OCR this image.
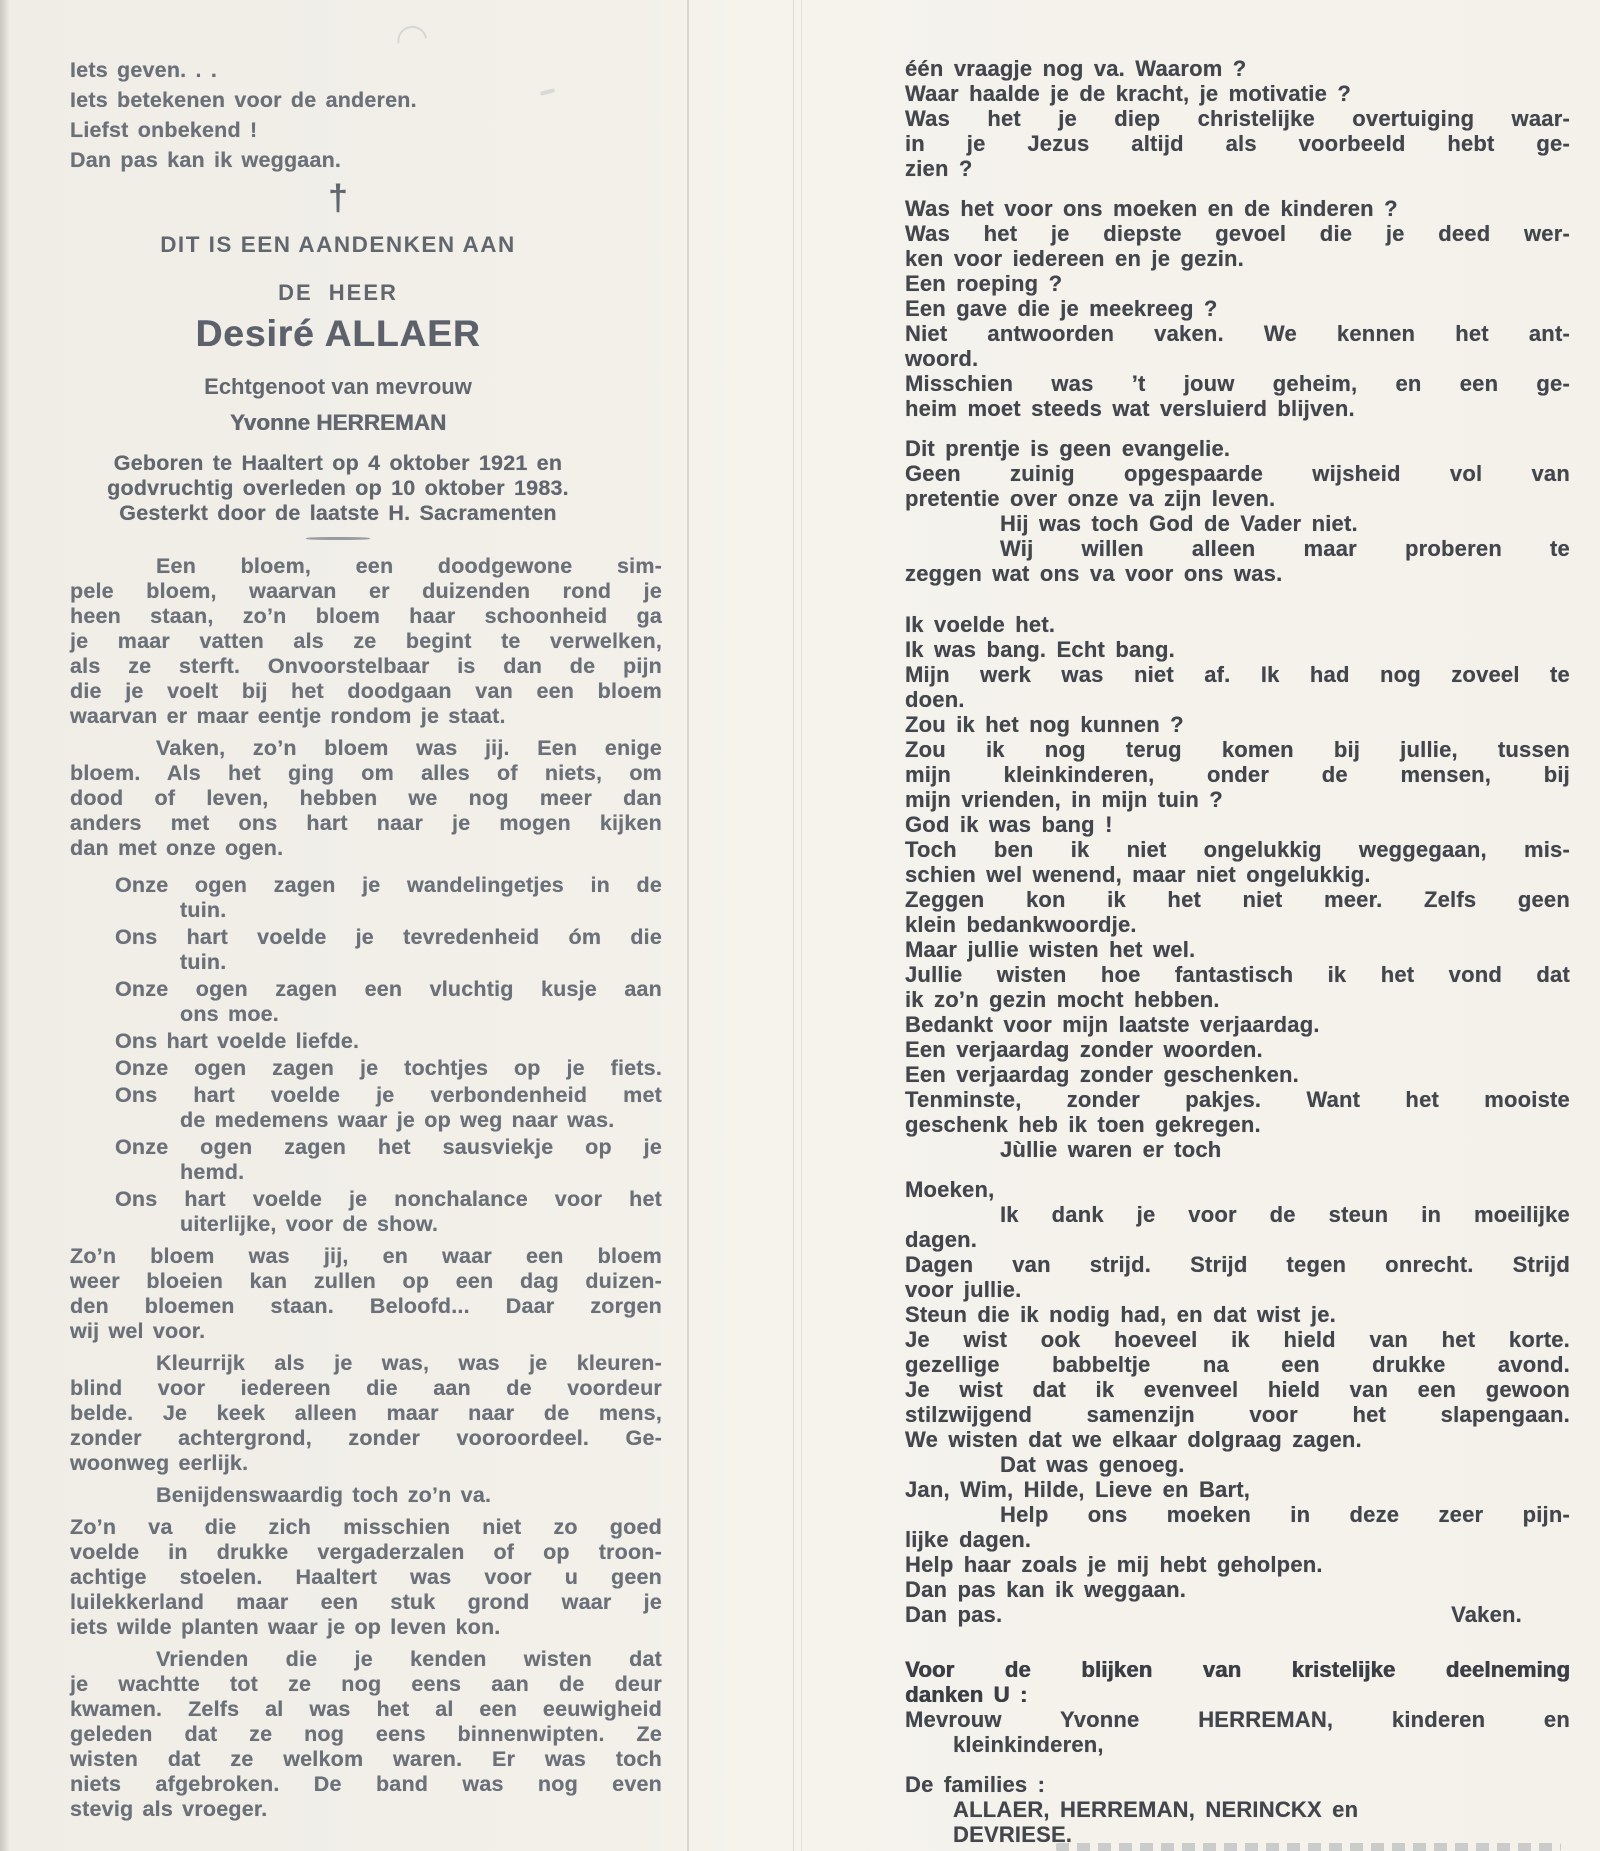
Iets geven. . .
Iets betekenen voor de anderen.
Liefst onbekend !
Dan pas kan ik weggaan.
†
DIT IS EEN AANDENKEN AAN
DE HEER
Desiré ALLAER
Echtgenoot van mevrouw
Yvonne HERREMAN
Geboren te Haaltert op 4 oktober 1921 en
godvruchtig overleden op 10 oktober 1983.
Gesterkt door de laatste H. Sacramenten
Een bloem, een doodgewone sim-
pele bloem, waarvan er duizenden rond je
heen staan, zo’n bloem haar schoonheid ga
je maar vatten als ze begint te verwelken,
als ze sterft. Onvoorstelbaar is dan de pijn
die je voelt bij het doodgaan van een bloem
waarvan er maar eentje rondom je staat.
Vaken, zo’n bloem was jij. Een enige
bloem. Als het ging om alles of niets, om
dood of leven, hebben we nog meer dan
anders met ons hart naar je mogen kijken
dan met onze ogen.
Onze ogen zagen je wandelingetjes in de
tuin.
Ons hart voelde je tevredenheid óm die
tuin.
Onze ogen zagen een vluchtig kusje aan
ons moe.
Ons hart voelde liefde.
Onze ogen zagen je tochtjes op je fiets.
Ons hart voelde je verbondenheid met
de medemens waar je op weg naar was.
Onze ogen zagen het sausviekje op je
hemd.
Ons hart voelde je nonchalance voor het
uiterlijke, voor de show.
Zo’n bloem was jij, en waar een bloem
weer bloeien kan zullen op een dag duizen-
den bloemen staan. Beloofd... Daar zorgen
wij wel voor.
Kleurrijk als je was, was je kleuren-
blind voor iedereen die aan de voordeur
belde. Je keek alleen maar naar de mens,
zonder achtergrond, zonder vooroordeel. Ge-
woonweg eerlijk.
Benijdenswaardig toch zo’n va.
Zo’n va die zich misschien niet zo goed
voelde in drukke vergaderzalen of op troon-
achtige stoelen. Haaltert was voor u geen
luilekkerland maar een stuk grond waar je
iets wilde planten waar je op leven kon.
Vrienden die je kenden wisten dat
je wachtte tot ze nog eens aan de deur
kwamen. Zelfs al was het al een eeuwigheid
geleden dat ze nog eens binnenwipten. Ze
wisten dat ze welkom waren. Er was toch
niets afgebroken. De band was nog even
stevig als vroeger.
één vraagje nog va. Waarom ?
Waar haalde je de kracht, je motivatie ?
Was het je diep christelijke overtuiging waar-
in je Jezus altijd als voorbeeld hebt ge-
zien ?
Was het voor ons moeken en de kinderen ?
Was het je diepste gevoel die je deed wer-
ken voor iedereen en je gezin.
Een roeping ?
Een gave die je meekreeg ?
Niet antwoorden vaken. We kennen het ant-
woord.
Misschien was ’t jouw geheim, en een ge-
heim moet steeds wat versluierd blijven.
Dit prentje is geen evangelie.
Geen zuinig opgespaarde wijsheid vol van
pretentie over onze va zijn leven.
Hij was toch God de Vader niet.
Wij willen alleen maar proberen te
zeggen wat ons va voor ons was.
Ik voelde het.
Ik was bang. Echt bang.
Mijn werk was niet af. Ik had nog zoveel te
doen.
Zou ik het nog kunnen ?
Zou ik nog terug komen bij jullie, tussen
mijn kleinkinderen, onder de mensen, bij
mijn vrienden, in mijn tuin ?
God ik was bang !
Toch ben ik niet ongelukkig weggegaan, mis-
schien wel wenend, maar niet ongelukkig.
Zeggen kon ik het niet meer. Zelfs geen
klein bedankwoordje.
Maar jullie wisten het wel.
Jullie wisten hoe fantastisch ik het vond dat
ik zo’n gezin mocht hebben.
Bedankt voor mijn laatste verjaardag.
Een verjaardag zonder woorden.
Een verjaardag zonder geschenken.
Tenminste, zonder pakjes. Want het mooiste
geschenk heb ik toen gekregen.
Jùllie waren er toch
Moeken,
Ik dank je voor de steun in moeilijke
dagen.
Dagen van strijd. Strijd tegen onrecht. Strijd
voor jullie.
Steun die ik nodig had, en dat wist je.
Je wist ook hoeveel ik hield van het korte.
gezellige babbeltje na een drukke avond.
Je wist dat ik evenveel hield van een gewoon
stilzwijgend samenzijn voor het slapengaan.
We wisten dat we elkaar dolgraag zagen.
Dat was genoeg.
Jan, Wim, Hilde, Lieve en Bart,
Help ons moeken in deze zeer pijn-
lijke dagen.
Help haar zoals je mij hebt geholpen.
Dan pas kan ik weggaan.
Dan pas.	Vaken.
Voor de blijken van kristelijke deelneming
danken U :
Mevrouw Yvonne HERREMAN, kinderen en
kleinkinderen,
De families :
ALLAER, HERREMAN, NERINCKX en
DEVRIESE.
